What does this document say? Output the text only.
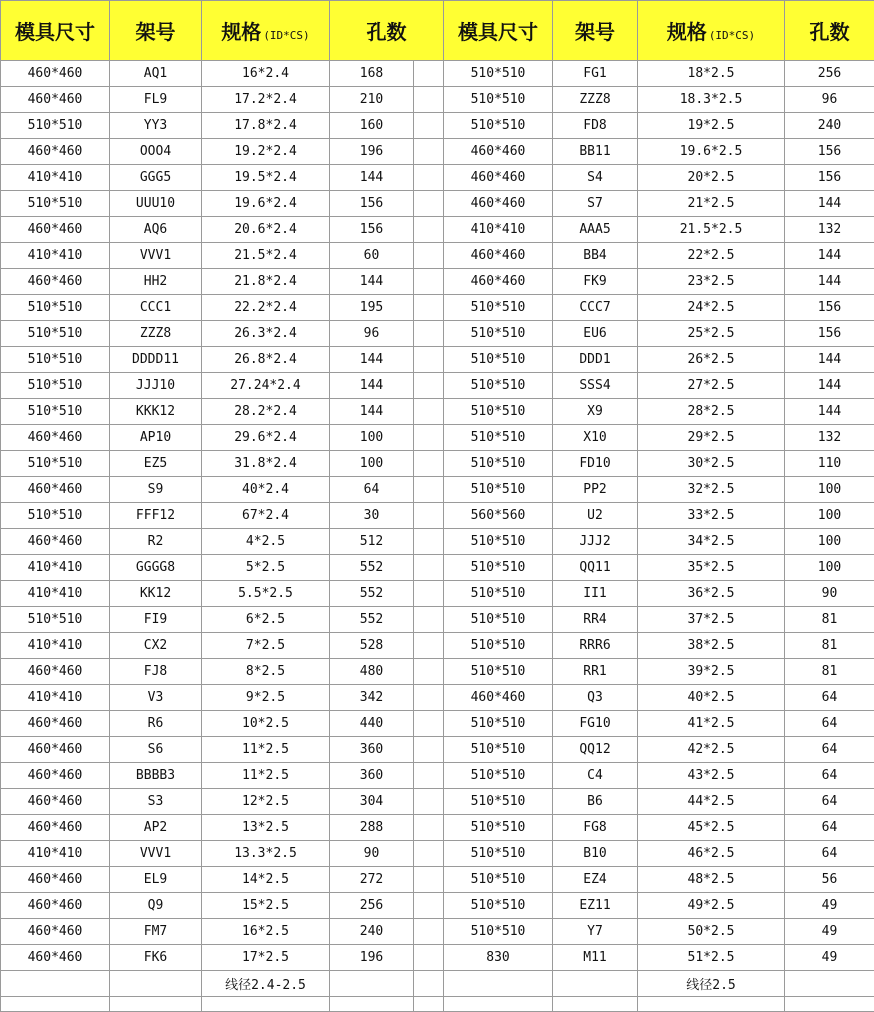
模具尺寸	架号	规格 (ID*CS)	孔数		模具尺寸	架号	规格 (ID*CS)	孔数
460*460	AQ1	16*2.4	168		510*510	FG1	18*2.5	256
460*460	FL9	17.2*2.4	210		510*510	ZZZ8	18.3*2.5	96
510*510	YY3	17.8*2.4	160		510*510	FD8	19*2.5	240
460*460	OOO4	19.2*2.4	196		460*460	BB11	19.6*2.5	156
410*410	GGG5	19.5*2.4	144		460*460	S4	20*2.5	156
510*510	UUU10	19.6*2.4	156		460*460	S7	21*2.5	144
460*460	AQ6	20.6*2.4	156		410*410	AAA5	21.5*2.5	132
410*410	VVV1	21.5*2.4	60		460*460	BB4	22*2.5	144
460*460	HH2	21.8*2.4	144		460*460	FK9	23*2.5	144
510*510	CCC1	22.2*2.4	195		510*510	CCC7	24*2.5	156
510*510	ZZZ8	26.3*2.4	96		510*510	EU6	25*2.5	156
510*510	DDDD11	26.8*2.4	144		510*510	DDD1	26*2.5	144
510*510	JJJ10	27.24*2.4	144		510*510	SSS4	27*2.5	144
510*510	KKK12	28.2*2.4	144		510*510	X9	28*2.5	144
460*460	AP10	29.6*2.4	100		510*510	X10	29*2.5	132
510*510	EZ5	31.8*2.4	100		510*510	FD10	30*2.5	110
460*460	S9	40*2.4	64		510*510	PP2	32*2.5	100
510*510	FFF12	67*2.4	30		560*560	U2	33*2.5	100
460*460	R2	4*2.5	512		510*510	JJJ2	34*2.5	100
410*410	GGGG8	5*2.5	552		510*510	QQ11	35*2.5	100
410*410	KK12	5.5*2.5	552		510*510	II1	36*2.5	90
510*510	FI9	6*2.5	552		510*510	RR4	37*2.5	81
410*410	CX2	7*2.5	528		510*510	RRR6	38*2.5	81
460*460	FJ8	8*2.5	480		510*510	RR1	39*2.5	81
410*410	V3	9*2.5	342		460*460	Q3	40*2.5	64
460*460	R6	10*2.5	440		510*510	FG10	41*2.5	64
460*460	S6	11*2.5	360		510*510	QQ12	42*2.5	64
460*460	BBBB3	11*2.5	360		510*510	C4	43*2.5	64
460*460	S3	12*2.5	304		510*510	B6	44*2.5	64
460*460	AP2	13*2.5	288		510*510	FG8	45*2.5	64
410*410	VVV1	13.3*2.5	90		510*510	B10	46*2.5	64
460*460	EL9	14*2.5	272		510*510	EZ4	48*2.5	56
460*460	Q9	15*2.5	256		510*510	EZ11	49*2.5	49
460*460	FM7	16*2.5	240		510*510	Y7	50*2.5	49
460*460	FK6	17*2.5	196		830	M11	51*2.5	49
		线径2.4-2.5					线径2.5	
